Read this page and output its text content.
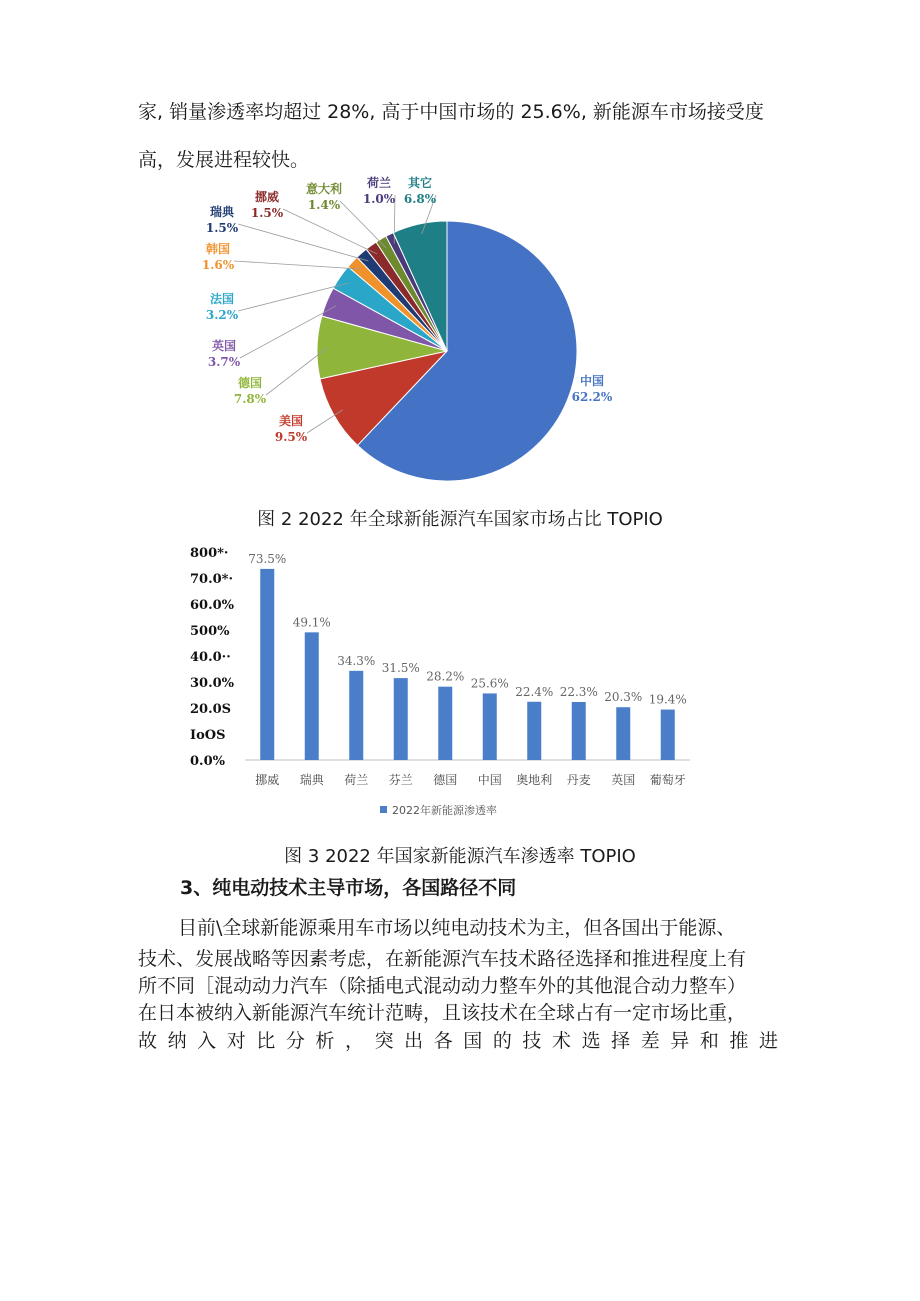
家, 销量渗透率均超过 28%, 高于中国市场的 25.6%, 新能源车市场接受度
高，发展进程较快。
中国
62.2%
美国
9.5%
德国
7.8%
英国
3.7%
法国
3.2%
韩国
1.6%
瑞典
1.5%
挪威
1.5%
意大利
1.4%
荷兰
1.0%
其它
6.8%
图 2 2022 年全球新能源汽车国家市场占比 TOPIO
800*·
70.0*·
60.0%
500%
40.0··
30.0%
20.0S
IoOS
0.0%
73.5%
挪威
49.1%
瑞典
34.3%
荷兰
31.5%
芬兰
28.2%
德国
25.6%
中国
22.4%
奥地利
22.3%
丹麦
20.3%
英国
19.4%
葡萄牙
2022年新能源渗透率
图 3 2022 年国家新能源汽车渗透率 TOPIO
3、纯电动技术主导市场，各国路径不同
目前\全球新能源乘用车市场以纯电动技术为主，但各国出于能源、
技术、发展战略等因素考虑，在新能源汽车技术路径选择和推进程度上有
所不同［混动动力汽车（除插电式混动动力整车外的其他混合动力整车）
在日本被纳入新能源汽车统计范畴，且该技术在全球占有一定市场比重，
故 纳 入 对 比 分 析 ， 突 出 各 国 的 技 术 选 择 差 异 和 推 进
